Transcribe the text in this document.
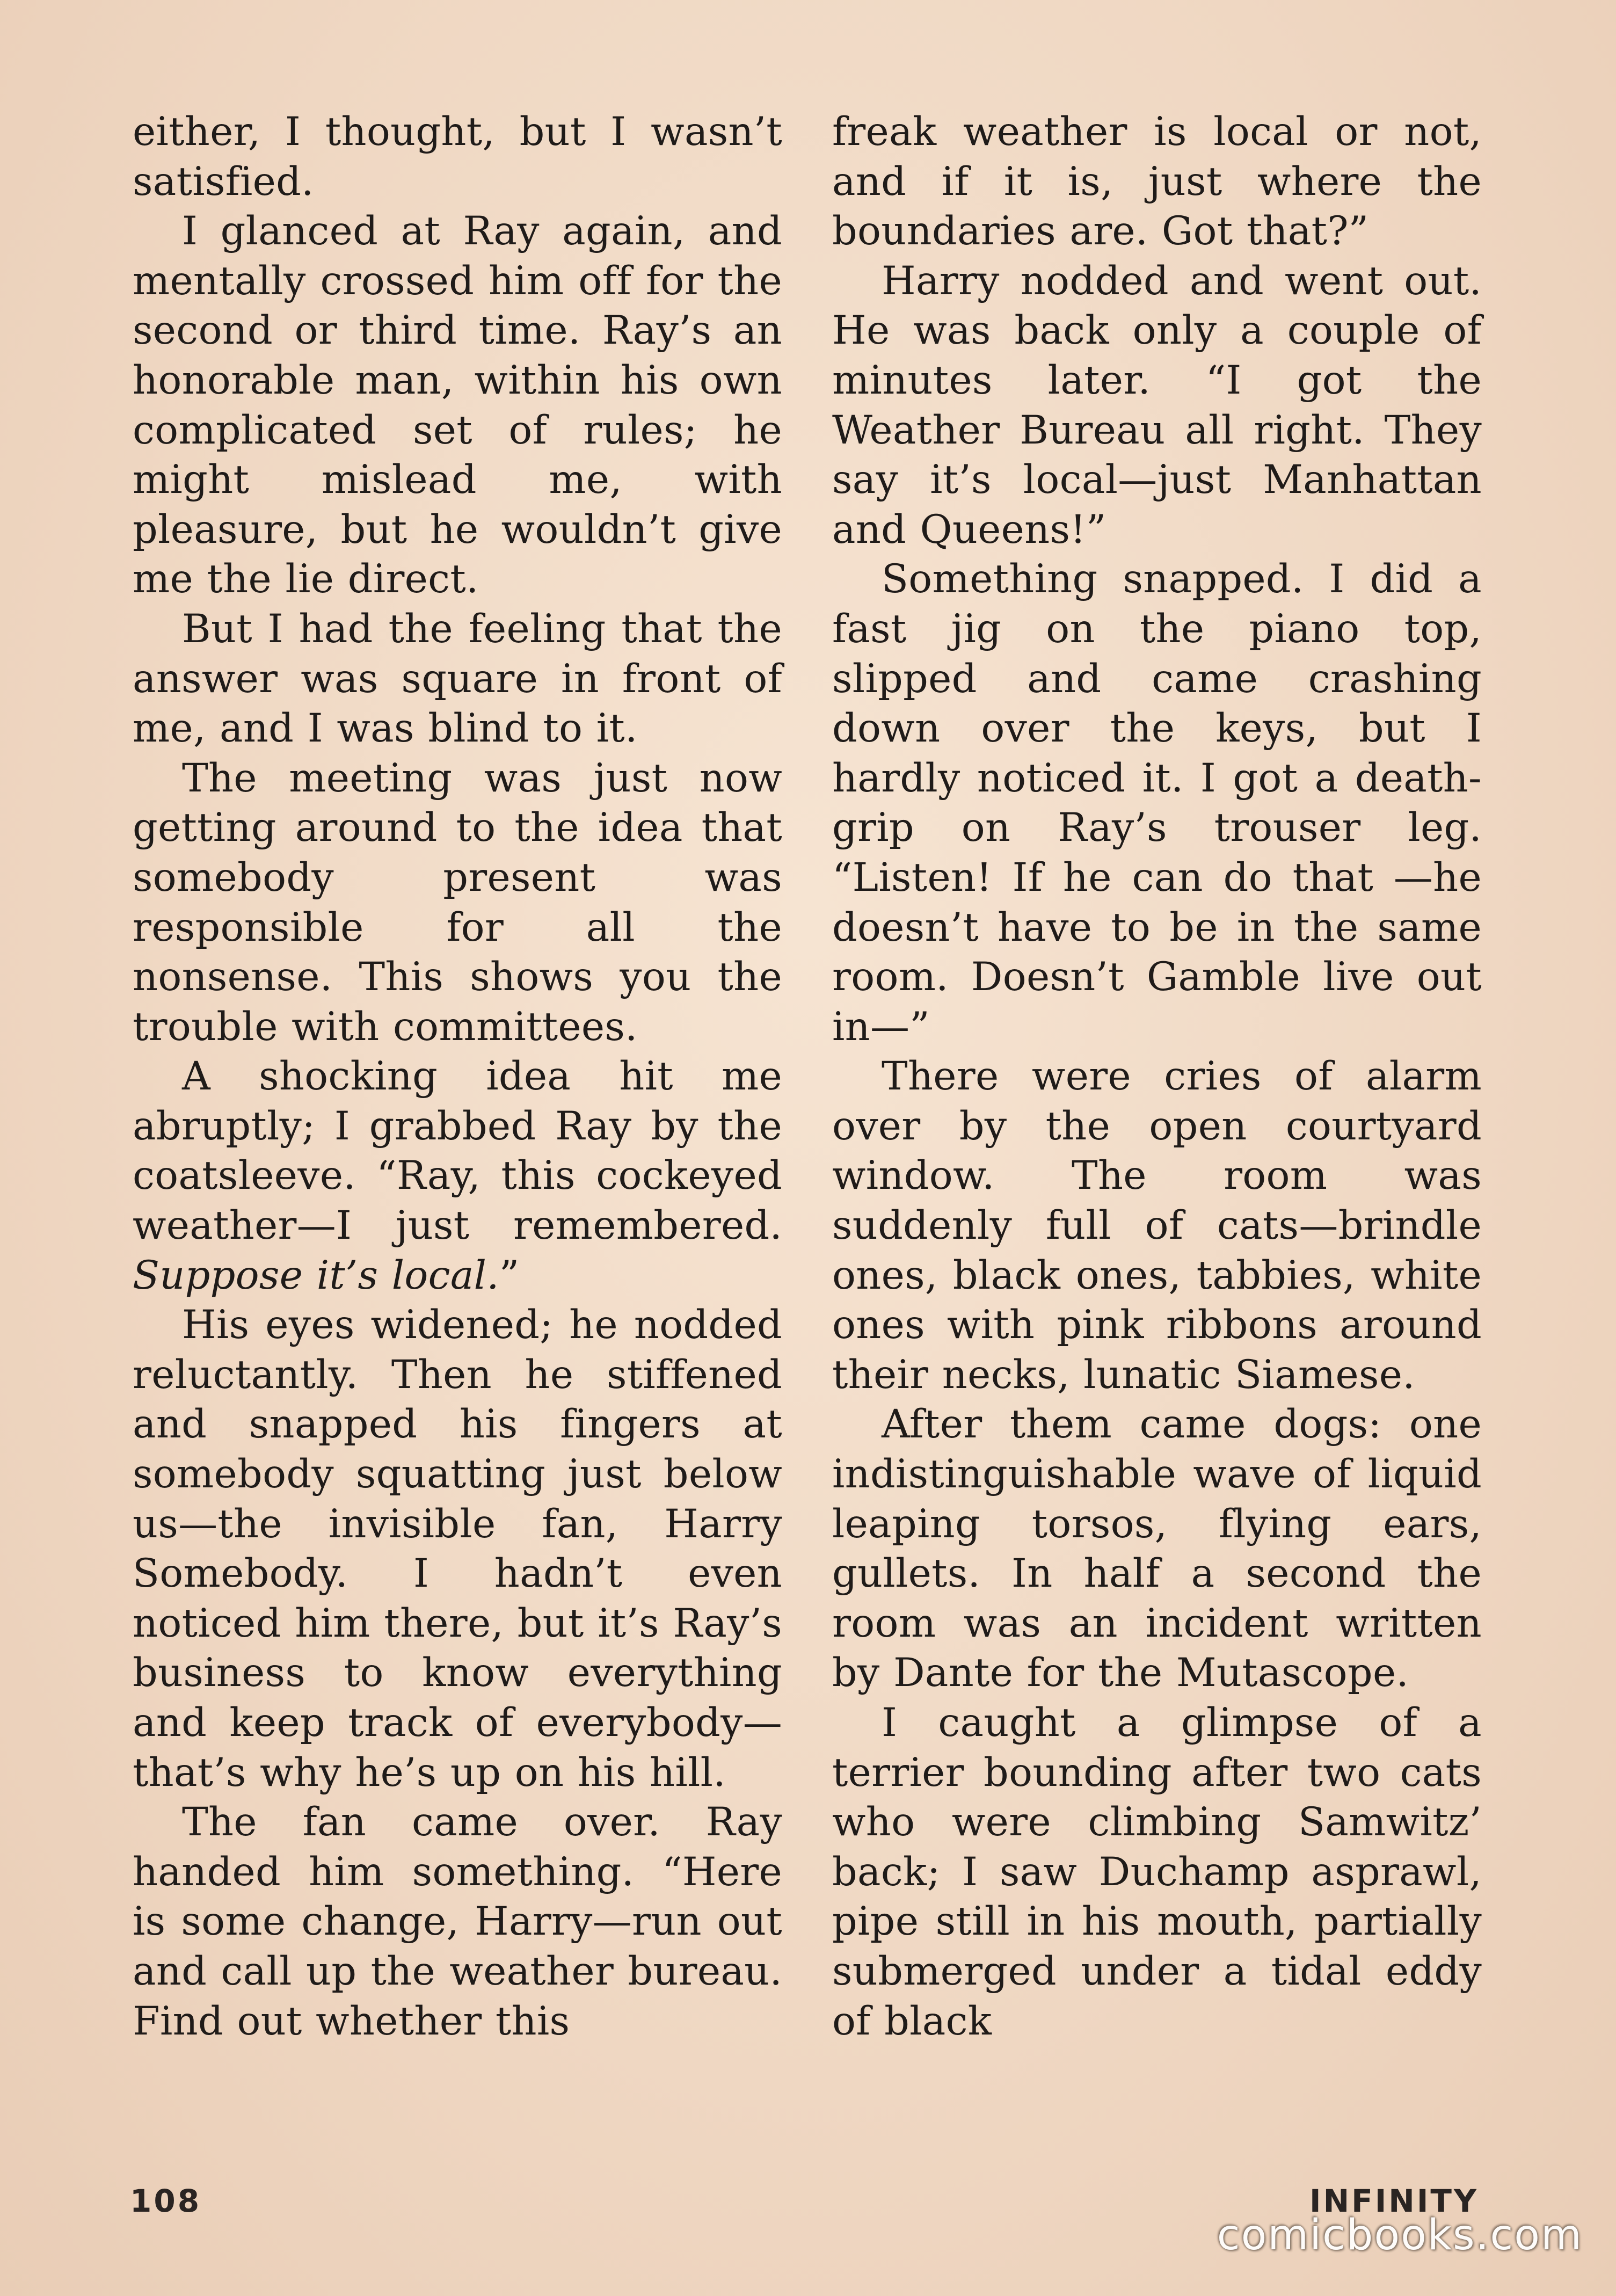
either, I thought, but I wasn’t satisfied.

I glanced at Ray again, and mentally crossed him off for the second or third time. Ray’s an honorable man, within his own complicated set of rules; he might mislead me, with pleasure, but he wouldn’t give me the lie direct.

But I had the feeling that the answer was square in front of me, and I was blind to it.

The meeting was just now getting around to the idea that somebody present was responsible for all the nonsense. This shows you the trouble with committees.

A shocking idea hit me abruptly; I grabbed Ray by the coatsleeve. “Ray, this cockeyed weather—I just remembered. Suppose it’s local.”

His eyes widened; he nodded reluctantly. Then he stiffened and snapped his fingers at somebody squatting just below us—the invisible fan, Harry Somebody. I hadn’t even noticed him there, but it’s Ray’s business to know everything and keep track of everybody—that’s why he’s up on his hill.

The fan came over. Ray handed him something. “Here is some change, Harry—run out and call up the weather bureau. Find out whether this

freak weather is local or not, and if it is, just where the boundaries are. Got that?”

Harry nodded and went out. He was back only a couple of minutes later. “I got the Weather Bureau all right. They say it’s local—just Manhattan and Queens!”

Something snapped. I did a fast jig on the piano top, slipped and came crashing down over the keys, but I hardly noticed it. I got a death-grip on Ray’s trouser leg. “Listen! If he can do that —he doesn’t have to be in the same room. Doesn’t Gamble live out in—”

There were cries of alarm over by the open courtyard window. The room was suddenly full of cats—brindle ones, black ones, tabbies, white ones with pink ribbons around their necks, lunatic Siamese.

After them came dogs: one indistinguishable wave of liquid leaping torsos, flying ears, gullets. In half a second the room was an incident written by Dante for the Mutascope.

I caught a glimpse of a terrier bounding after two cats who were climbing Samwitz’ back; I saw Duchamp asprawl, pipe still in his mouth, partially submerged under a tidal eddy of black

108	INFINITY
comicbooks.com
